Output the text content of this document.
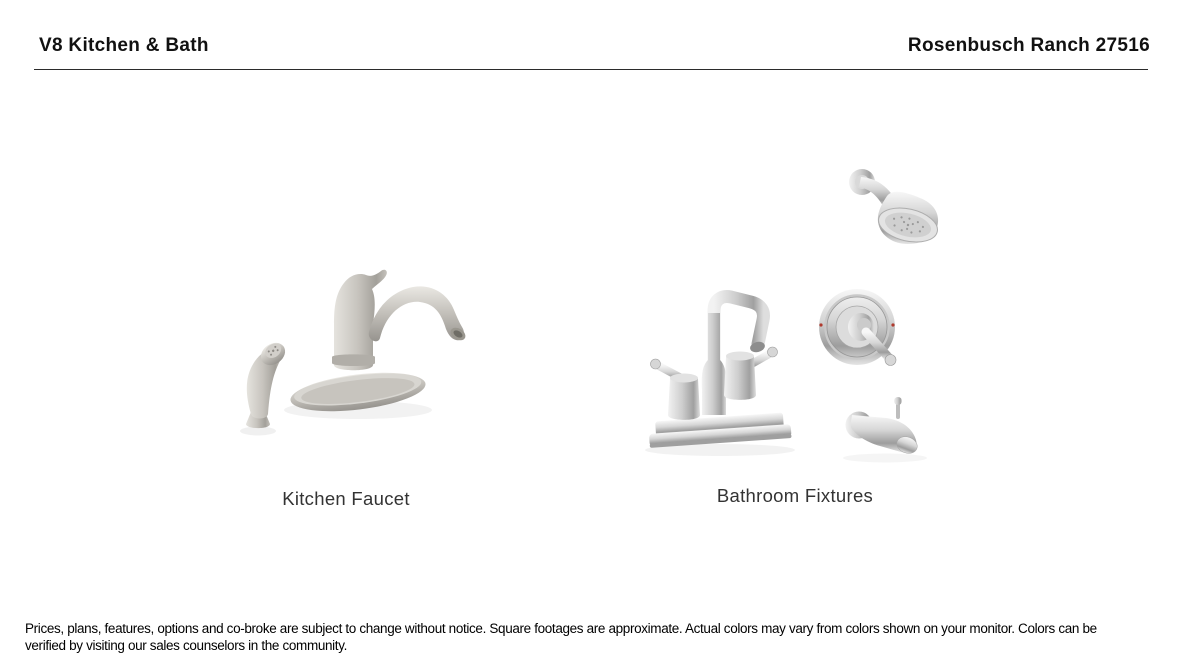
V8 Kitchen & Bath	Rosenbusch Ranch 27516
Kitchen Faucet	Bathroom Fixtures
Prices, plans, features, options and co-broke are subject to change without notice. Square footages are approximate. Actual colors may vary from colors shown on your monitor. Colors can be
verified by visiting our sales counselors in the community.
